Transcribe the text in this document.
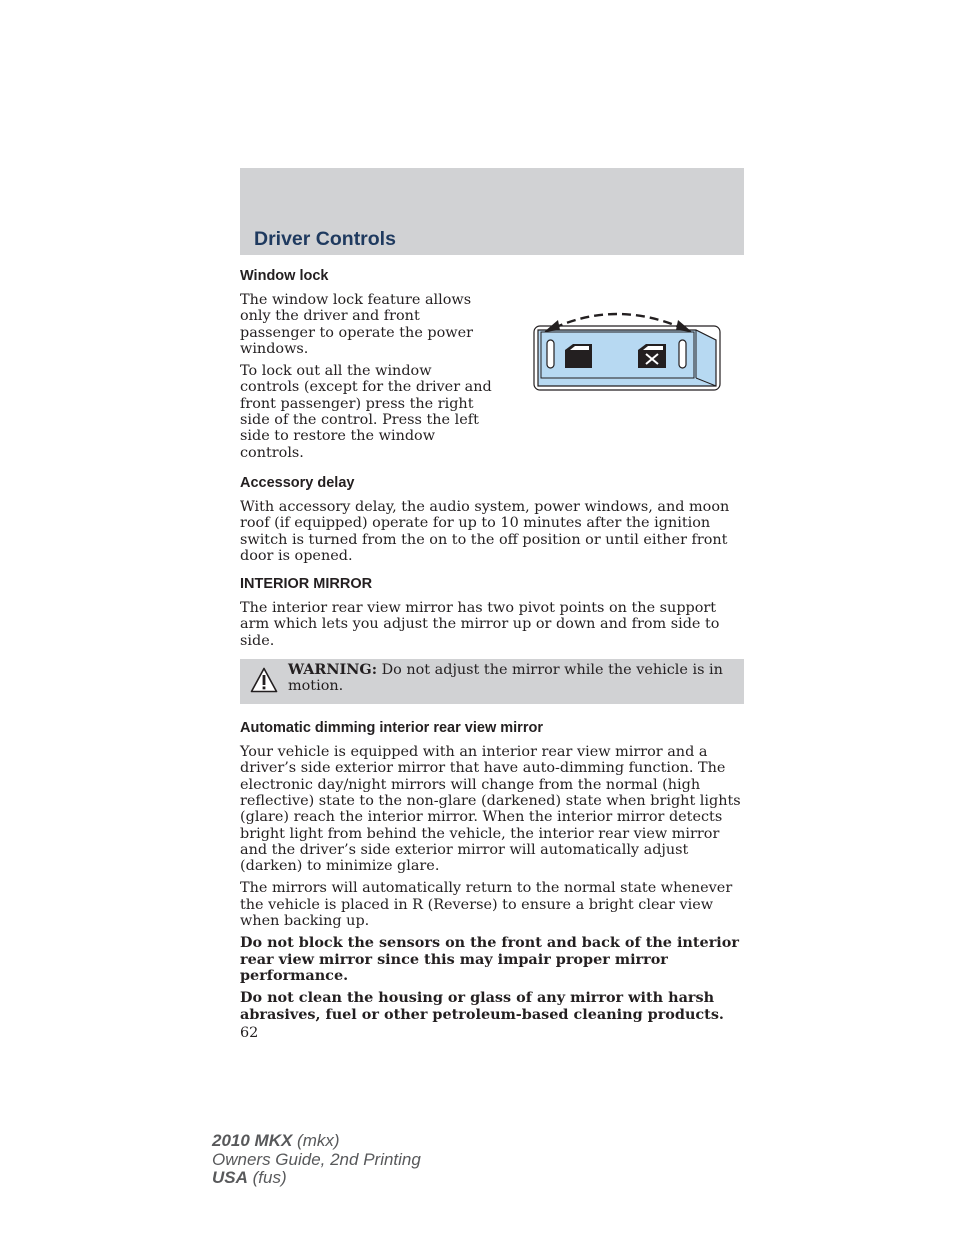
Driver Controls
Window lock

The window lock feature allows only the driver and front passenger to operate the power windows.

To lock out all the window controls (except for the driver and front passenger) press the right side of the control. Press the left side to restore the window controls.

Accessory delay

With accessory delay, the audio system, power windows, and moon roof (if equipped) operate for up to 10 minutes after the ignition switch is turned from the on to the off position or until either front door is opened.

INTERIOR MIRROR

The interior rear view mirror has two pivot points on the support arm which lets you adjust the mirror up or down and from side to side.

WARNING: Do not adjust the mirror while the vehicle is in motion.

Automatic dimming interior rear view mirror

Your vehicle is equipped with an interior rear view mirror and a driver’s side exterior mirror that have auto-dimming function. The electronic day/night mirrors will change from the normal (high reflective) state to the non-glare (darkened) state when bright lights (glare) reach the interior mirror. When the interior mirror detects bright light from behind the vehicle, the interior rear view mirror and the driver’s side exterior mirror will automatically adjust (darken) to minimize glare.

The mirrors will automatically return to the normal state whenever the vehicle is placed in R (Reverse) to ensure a bright clear view when backing up.

Do not block the sensors on the front and back of the interior rear view mirror since this may impair proper mirror performance.

Do not clean the housing or glass of any mirror with harsh abrasives, fuel or other petroleum-based cleaning products.

62
2010 MKX (mkx)
Owners Guide, 2nd Printing
USA (fus)
